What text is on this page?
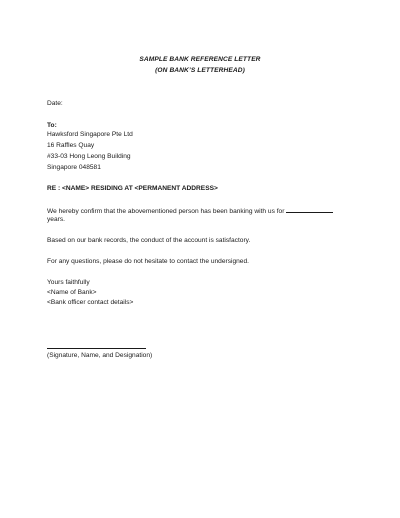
SAMPLE BANK REFERENCE LETTER
(ON BANK’S LETTERHEAD)
Date:
To:
Hawksford Singapore Pte Ltd
16 Raffles Quay
#33-03 Hong Leong Building
Singapore 048581
RE : <NAME> RESIDING AT <PERMANENT ADDRESS>
We hereby confirm that the abovementioned person has been banking with us for
years.
Based on our bank records, the conduct of the account is satisfactory.
For any questions, please do not hesitate to contact the undersigned.
Yours faithfully
<Name of Bank>
<Bank officer contact details>
(Signature, Name, and Designation)
